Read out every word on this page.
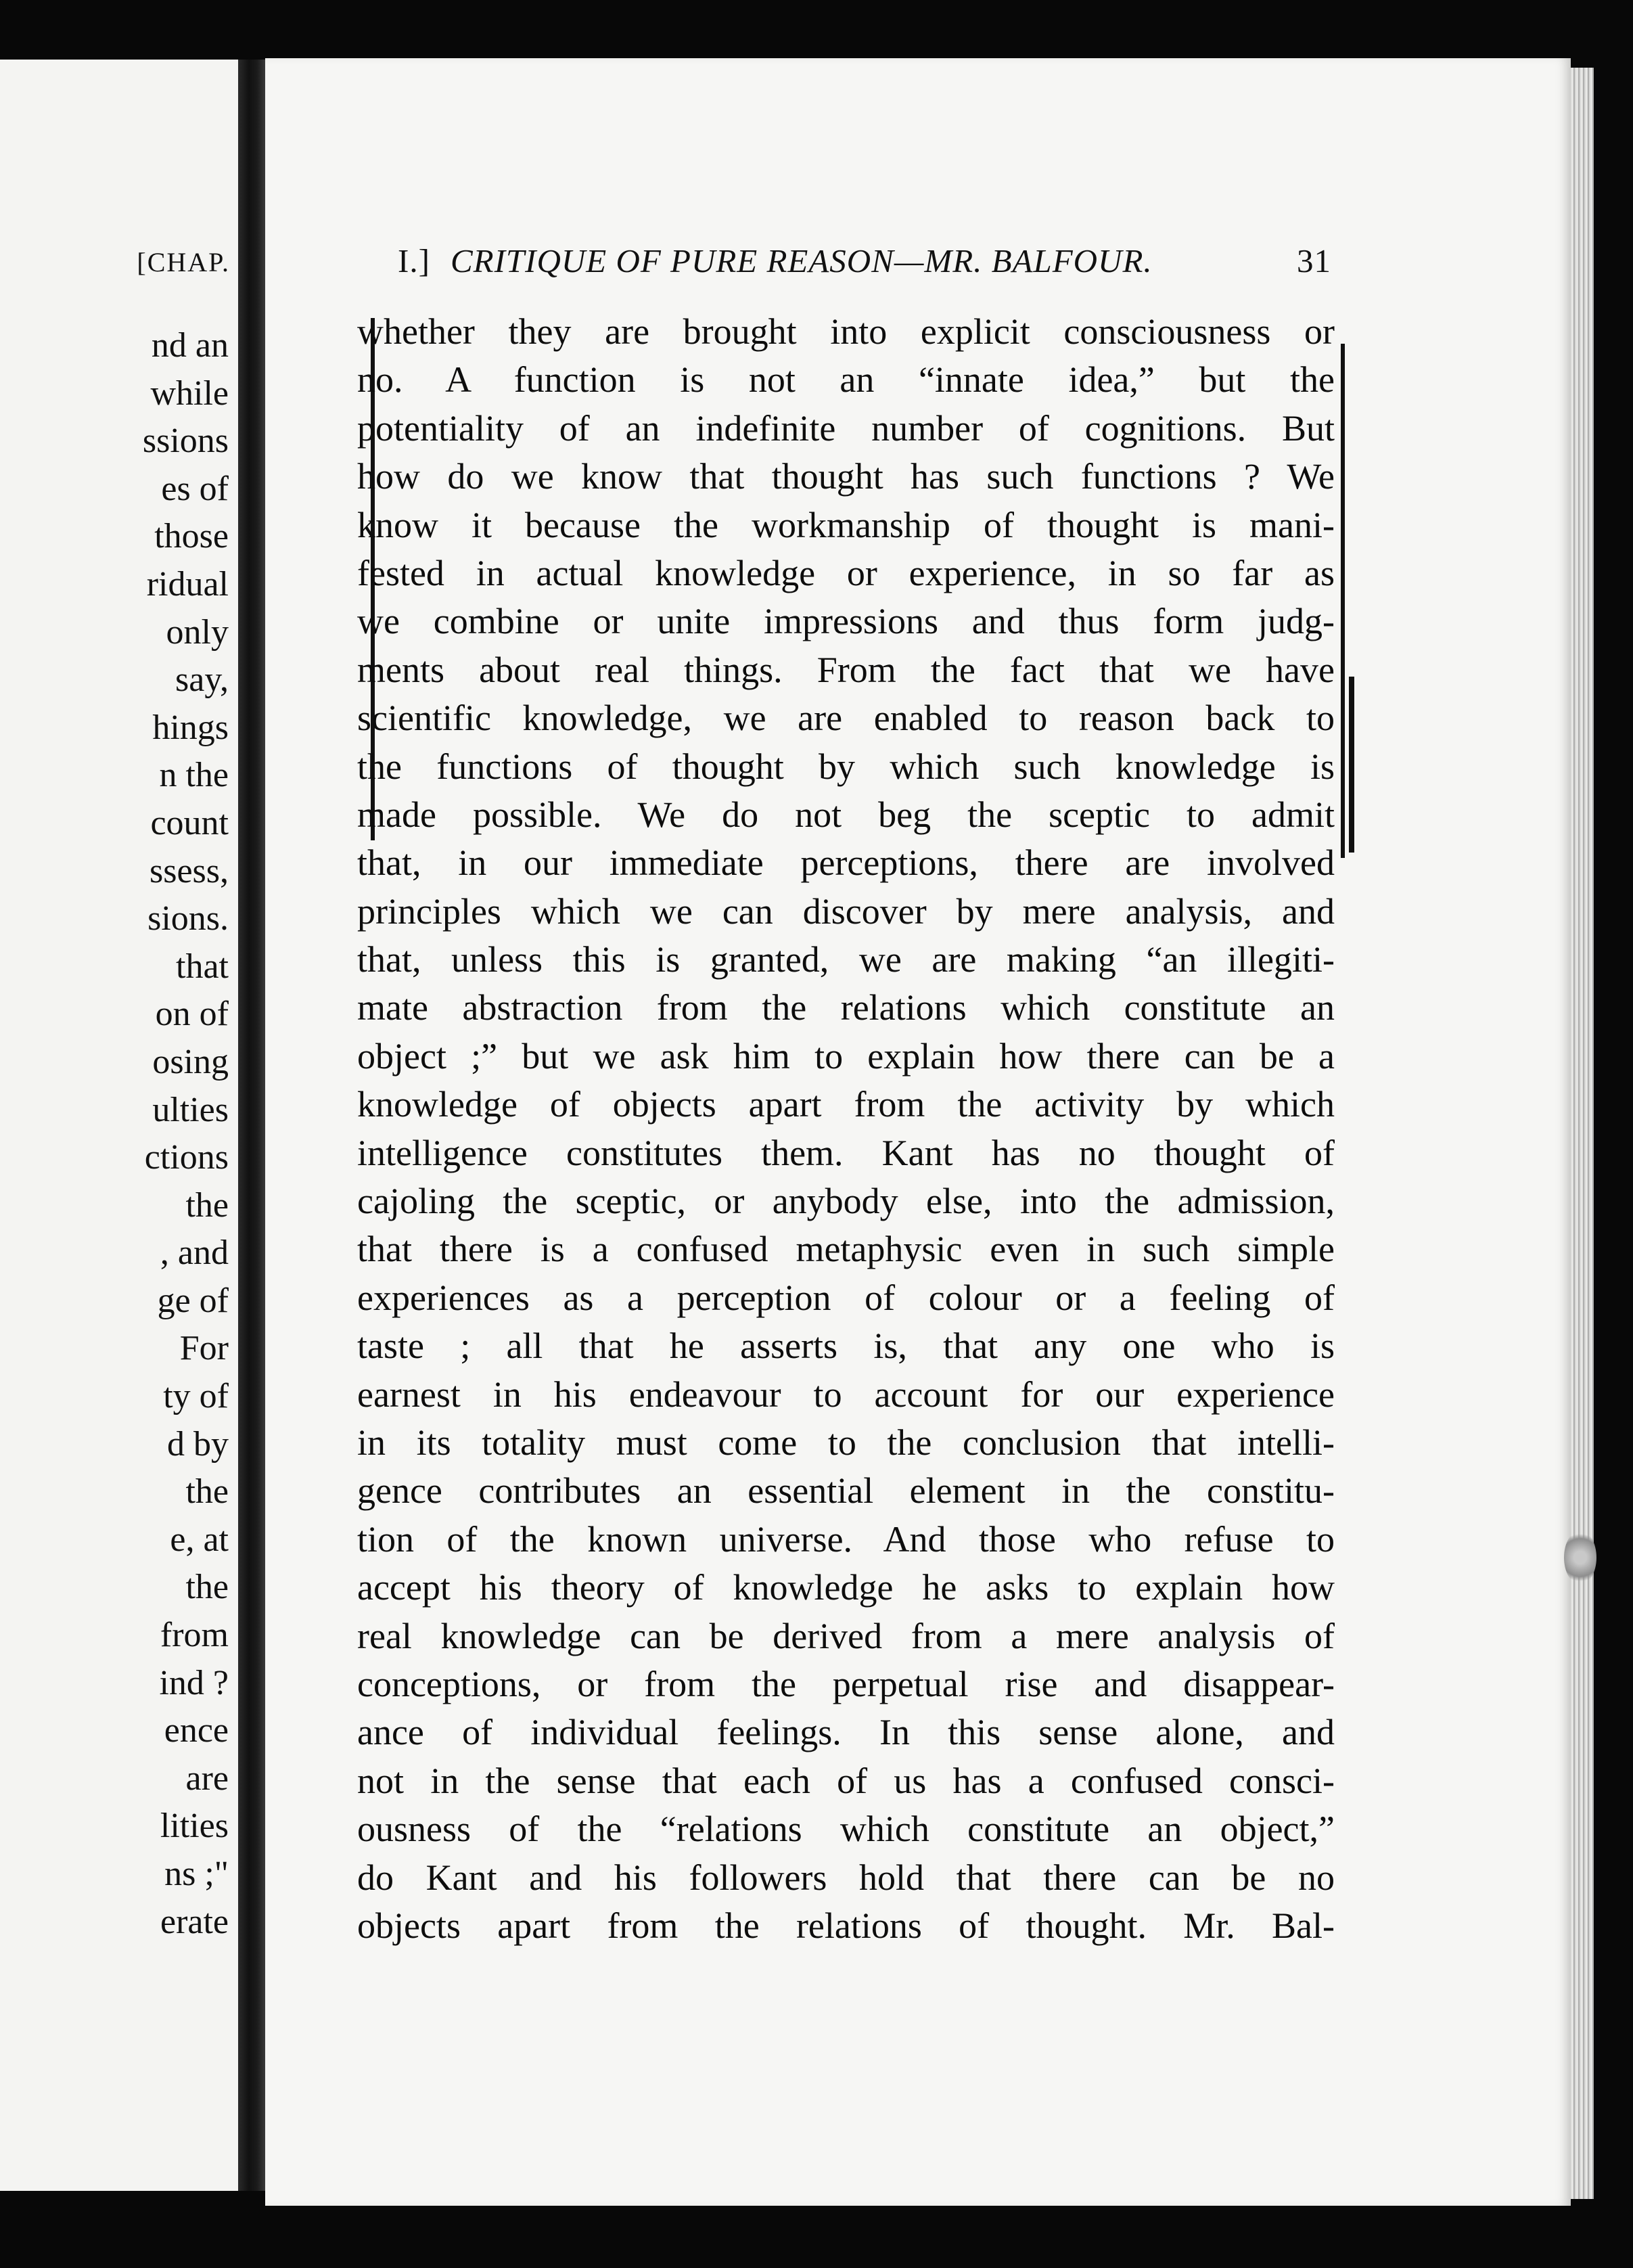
[CHAP.
nd an
while
ssions
es of
those
ridual
only
say,
hings
n the
count
ssess,
sions.
that
on of
osing
ulties
ctions
the
, and
ge of
For
ty of
d by
the
e, at
the
from
ind ?
ence
are
lities
ns ;"
erate
I.] CRITIQUE OF PURE REASON—MR. BALFOUR.	31
whether they are brought into explicit consciousness or
no. A function is not an “innate idea,” but the
potentiality of an indefinite number of cognitions. But
how do we know that thought has such functions ? We
know it because the workmanship of thought is mani-
fested in actual knowledge or experience, in so far as
we combine or unite impressions and thus form judg-
ments about real things. From the fact that we have
scientific knowledge, we are enabled to reason back to
the functions of thought by which such knowledge is
made possible. We do not beg the sceptic to admit
that, in our immediate perceptions, there are involved
principles which we can discover by mere analysis, and
that, unless this is granted, we are making “an illegiti-
mate abstraction from the relations which constitute an
object ;” but we ask him to explain how there can be a
knowledge of objects apart from the activity by which
intelligence constitutes them. Kant has no thought of
cajoling the sceptic, or anybody else, into the admission,
that there is a confused metaphysic even in such simple
experiences as a perception of colour or a feeling of
taste ; all that he asserts is, that any one who is
earnest in his endeavour to account for our experience
in its totality must come to the conclusion that intelli-
gence contributes an essential element in the constitu-
tion of the known universe. And those who refuse to
accept his theory of knowledge he asks to explain how
real knowledge can be derived from a mere analysis of
conceptions, or from the perpetual rise and disappear-
ance of individual feelings. In this sense alone, and
not in the sense that each of us has a confused consci-
ousness of the “relations which constitute an object,”
do Kant and his followers hold that there can be no
objects apart from the relations of thought. Mr. Bal-
